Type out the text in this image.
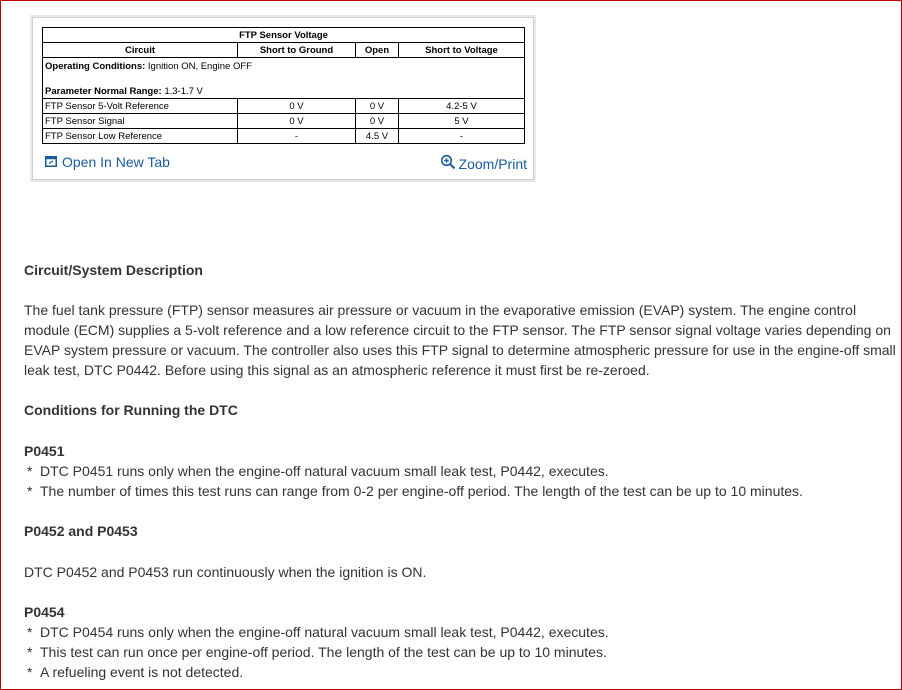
FTP Sensor Voltage			
Circuit	Short to Ground	Open	Short to Voltage

Operating Conditions: Ignition ON, Engine OFF
Parameter Normal Range: 1.3-1.7 V			

FTP Sensor 5-Volt Reference	0 V	0 V	4.2-5 V
FTP Sensor Signal	0 V	0 V	5 V
FTP Sensor Low Reference	-	4.5 V	-
Open In New Tab	Zoom/Print
Circuit/System Description

The fuel tank pressure (FTP) sensor measures air pressure or vacuum in the evaporative emission (EVAP) system. The engine control module (ECM) supplies a 5-volt reference and a low reference circuit to the FTP sensor. The FTP sensor signal voltage varies depending on EVAP system pressure or vacuum. The controller also uses this FTP signal to determine atmospheric pressure for use in the engine-off small leak test, DTC P0442. Before using this signal as an atmospheric reference it must first be re-zeroed.

Conditions for Running the DTC
P0451
* DTC P0451 runs only when the engine-off natural vacuum small leak test, P0442, executes.
* The number of times this test runs can range from 0-2 per engine-off period. The length of the test can be up to 10 minutes.
P0452 and P0453

DTC P0452 and P0453 run continuously when the ignition is ON.

P0454
* DTC P0454 runs only when the engine-off natural vacuum small leak test, P0442, executes.
* This test can run once per engine-off period. The length of the test can be up to 10 minutes.
* A refueling event is not detected.
